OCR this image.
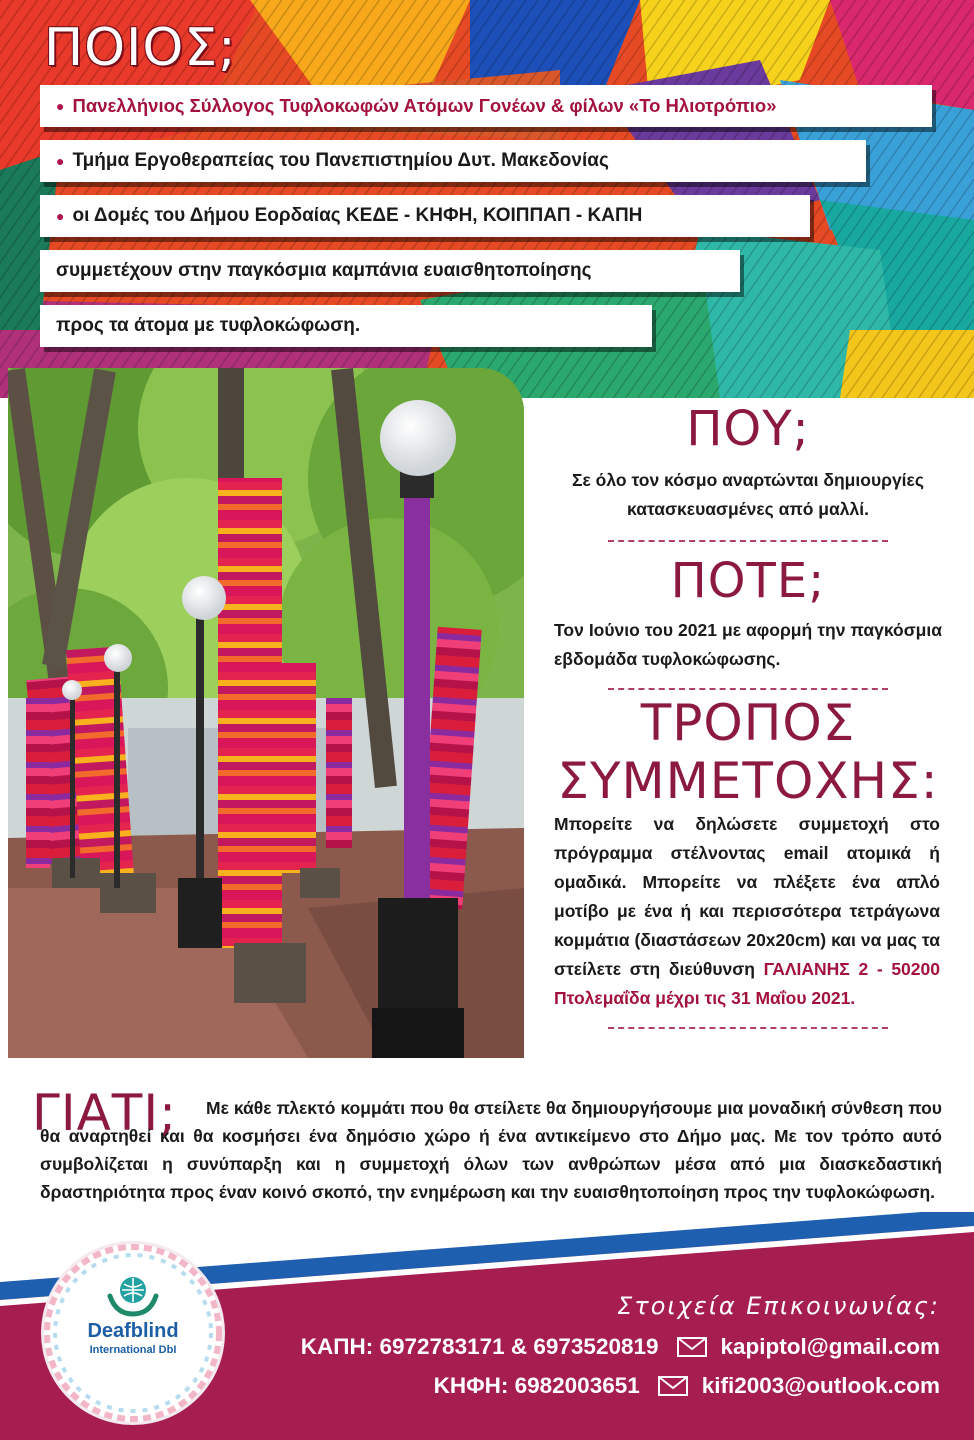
ΠΟΙΟΣ;
● Πανελλήνιος Σύλλογος Τυφλοκωφών Ατόμων Γονέων & φίλων «Το Ηλιοτρόπιο»
● Τμήμα Εργοθεραπείας του Πανεπιστημίου Δυτ. Μακεδονίας
● οι Δομές του Δήμου Εορδαίας ΚΕΔΕ - ΚΗΦΗ, ΚΟΙΠΠΑΠ - ΚΑΠΗ
συμμετέχουν στην παγκόσμια καμπάνια ευαισθητοποίησης
προς τα άτομα με τυφλοκώφωση.
ΠΟΥ;
Σε όλο τον κόσμο αναρτώνται δημιουργίες κατασκευασμένες από μαλλί.
ΠΟΤΕ;
Τον Ιούνιο του 2021 με αφορμή την παγκόσμια εβδομάδα τυφλοκώφωσης.
ΤΡΟΠΟΣ
ΣΥΜΜΕΤΟΧΗΣ:
Μπορείτε να δηλώσετε συμμετοχή στο πρόγραμμα στέλνοντας email ατομικά ή ομαδικά. Μπορείτε να πλέξετε ένα απλό μοτίβο με ένα ή και περισσότερα τετράγωνα κομμάτια (διαστάσεων 20x20cm) και να μας τα στείλετε στη διεύθυνση ΓΑΛΙΑΝΗΣ 2 - 50200 Πτολεμαΐδα μέχρι τις 31 Μαΐου 2021.
ΓΙΑΤΙ;	Με κάθε πλεκτό κομμάτι που θα στείλετε θα δημιουργήσουμε μια μοναδική σύνθεση που θα αναρτηθεί και θα κοσμήσει ένα δημόσιο χώρο ή ένα αντικείμενο στο Δήμο μας. Με τον τρόπο αυτό συμβολίζεται η συνύπαρξη και η συμμετοχή όλων των ανθρώπων μέσα από μια διασκεδαστική δραστηριότητα προς έναν κοινό σκοπό, την ενημέρωση και την ευαισθητοποίηση προς την τυφλοκώφωση.
Deafblind
International DbI
Στοιχεία Επικοινωνίας:
ΚΑΠΗ: 6972783171 & 6973520819	kapiptol@gmail.com
ΚΗΦΗ: 6982003651	kifi2003@outlook.com
